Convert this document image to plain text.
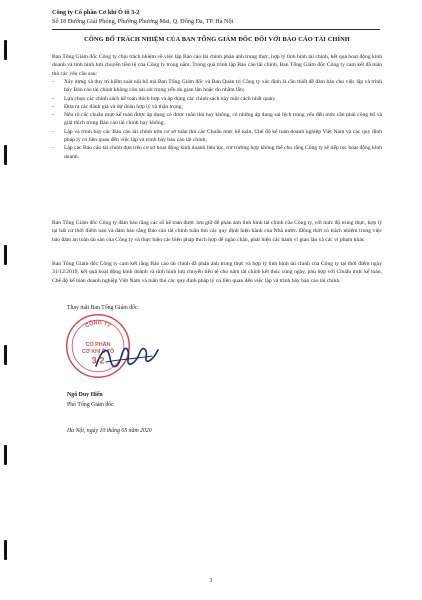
Công ty Cổ phần Cơ khí Ô tô 3-2
Số 18 Đường Giải Phóng, Phường Phương Mai, Q. Đống Đa, TP. Hà Nội
CÔNG BỐ TRÁCH NHIỆM CỦA BAN TỔNG GIÁM ĐỐC ĐỐI VỚI BÁO CÁO TÀI CHÍNH
Ban Tổng Giám đốc Công ty chịu trách nhiệm về việc lập Báo cáo tài chính phản ánh trung thực, hợp lý tình hình tài chính, kết quả hoạt động kinh doanh và tình hình lưu chuyển tiền tệ của Công ty trong năm. Trong quá trình lập Báo cáo tài chính, Ban Tổng Giám đốc Công ty cam kết đã tuân thủ các yêu cầu sau:
- Xây dựng và duy trì kiểm soát nội bộ mà Ban Tổng Giám đốc và Ban Quản trị Công ty xác định là cần thiết để đảm bảo cho việc lập và trình bày Báo cáo tài chính không còn sai sót trọng yếu do gian lận hoặc do nhầm lẫn;
- Lựa chọn các chính sách kế toán thích hợp và áp dụng các chính sách này một cách nhất quán;
- Đưa ra các đánh giá và dự đoán hợp lý và thận trọng;
- Nêu rõ các chuẩn mực kế toán được áp dụng có được tuân thủ hay không, có những áp dụng sai lệch trọng yếu đến mức cần phải công bố và giải thích trong Báo cáo tài chính hay không;
- Lập và trình bày các Báo cáo tài chính trên cơ sở tuân thủ các Chuẩn mực kế toán, Chế độ kế toán doanh nghiệp Việt Nam và các quy định pháp lý có liên quan đến việc lập và trình bày báo cáo tài chính;
- Lập các Báo cáo tài chính dựa trên cơ sở hoạt động kinh doanh liên tục, trừ trường hợp không thể cho rằng Công ty sẽ tiếp tục hoạt động kinh doanh.
Ban Tổng Giám đốc Công ty đảm bảo rằng các sổ kế toán được lưu giữ để phản ánh tình hình tài chính của Công ty, với mức độ trung thực, hợp lý tại bất cứ thời điểm nào và đảm bảo rằng Báo cáo tài chính tuân thủ các quy định hiện hành của Nhà nước. Đồng thời có trách nhiệm trong việc bảo đảm an toàn tài sản của Công ty và thực hiện các biện pháp thích hợp để ngăn chặn, phát hiện các hành vi gian lận và các vi phạm khác.
Ban Tổng Giám đốc Công ty cam kết rằng Báo cáo tài chính đã phản ánh trung thực và hợp lý tình hình tài chính của Công ty tại thời điểm ngày 31/12/2019, kết quả hoạt động kinh doanh và tình hình lưu chuyển tiền tệ cho năm tài chính kết thúc cùng ngày, phù hợp với Chuẩn mực kế toán, Chế độ kế toán doanh nghiệp Việt Nam và tuân thủ các quy định pháp lý có liên quan đến việc lập và trình bày báo cáo tài chính.
Thay mặt Ban Tổng Giám đốc
CÔNG TY
CỔ PHẦN
CƠ KHÍ Ô TÔ
3-2
Ngô Duy Hiển
Phó Tổng Giám đốc
Hà Nội, ngày 10 tháng 05 năm 2020
3
